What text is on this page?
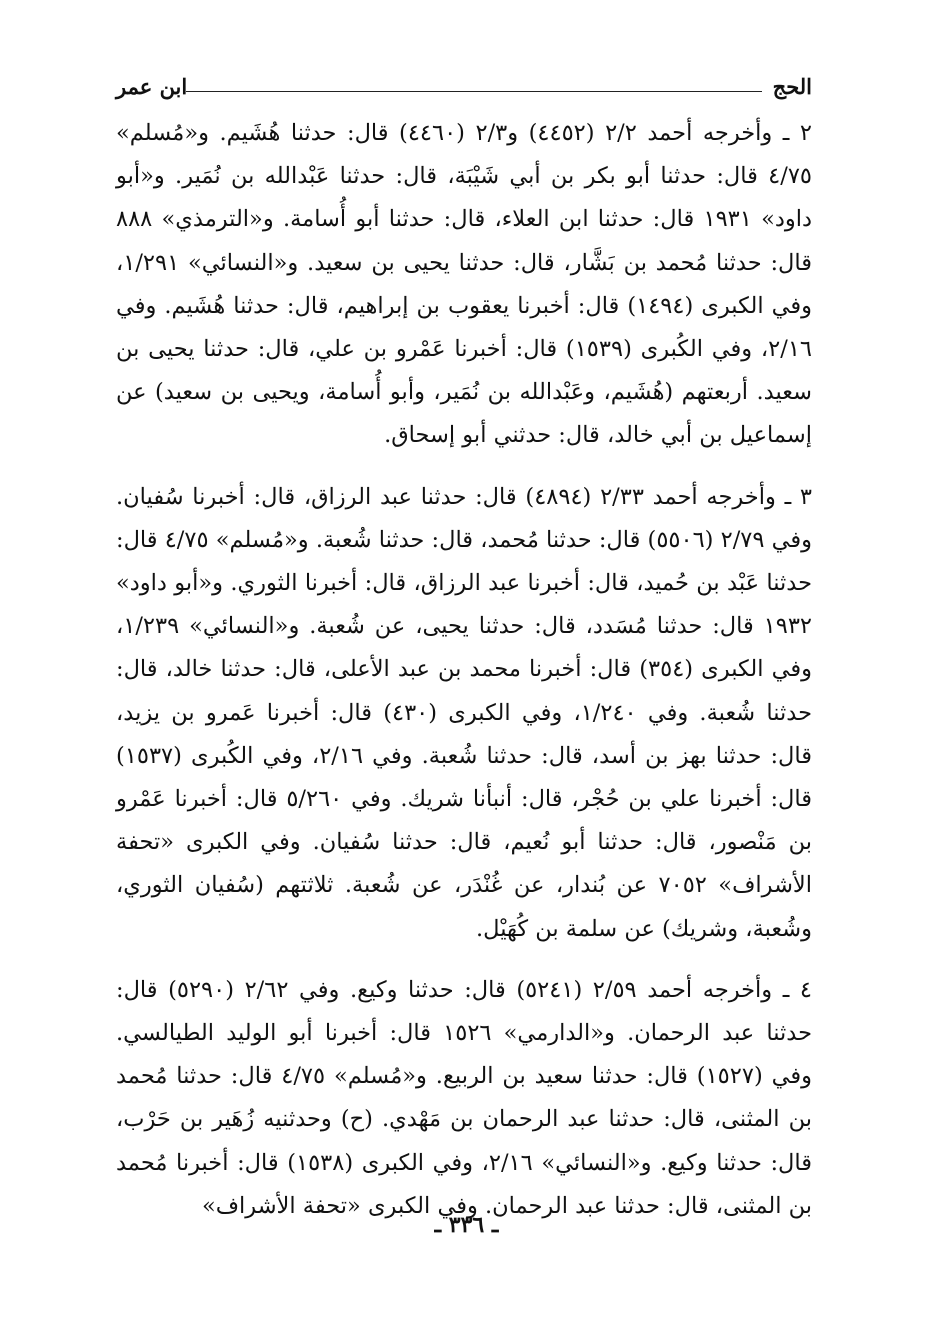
الحج
ابن عمر

٢ ـ وأخرجه أحمد ٢/٢ (٤٤٥٢) و٢/٣ (٤٤٦٠) قال: حدثنا هُشَيم. و«مُسلم» ٤/٧٥ قال: حدثنا أبو بكر بن أبي شَيْبَة، قال: حدثنا عَبْدالله بن نُمَير. و«أبو داود» ١٩٣١ قال: حدثنا ابن العلاء، قال: حدثنا أبو أُسامة. و«الترمذي» ٨٨٨ قال: حدثنا مُحمد بن بَشَّار، قال: حدثنا يحيى بن سعيد. و«النسائي» ١/٢٩١، وفي الكبرى (١٤٩٤) قال: أخبرنا يعقوب بن إبراهيم، قال: حدثنا هُشَيم. وفي ٢/١٦، وفي الكُبرى (١٥٣٩) قال: أخبرنا عَمْرو بن علي، قال: حدثنا يحيى بن سعيد. أربعتهم (هُشَيم، وعَبْدالله بن نُمَير، وأبو أُسامة، ويحيى بن سعيد) عن إسماعيل بن أبي خالد، قال: حدثني أبو إسحاق.

٣ ـ وأخرجه أحمد ٢/٣٣ (٤٨٩٤) قال: حدثنا عبد الرزاق، قال: أخبرنا سُفيان. وفي ٢/٧٩ (٥٥٠٦) قال: حدثنا مُحمد، قال: حدثنا شُعبة. و«مُسلم» ٤/٧٥ قال: حدثنا عَبْد بن حُميد، قال: أخبرنا عبد الرزاق، قال: أخبرنا الثوري. و«أبو داود» ١٩٣٢ قال: حدثنا مُسَدد، قال: حدثنا يحيى، عن شُعبة. و«النسائي» ١/٢٣٩، وفي الكبرى (٣٥٤) قال: أخبرنا محمد بن عبد الأعلى، قال: حدثنا خالد، قال: حدثنا شُعبة. وفي ١/٢٤٠، وفي الكبرى (٤٣٠) قال: أخبرنا عَمرو بن يزيد، قال: حدثنا بهز بن أسد، قال: حدثنا شُعبة. وفي ٢/١٦، وفي الكُبرى (١٥٣٧) قال: أخبرنا علي بن حُجْر، قال: أنبأنا شريك. وفي ٥/٢٦٠ قال: أخبرنا عَمْرو بن مَنْصور، قال: حدثنا أبو نُعيم، قال: حدثنا سُفيان. وفي الكبرى «تحفة الأشراف» ٧٠٥٢ عن بُندار، عن غُنْدَر، عن شُعبة. ثلاثتهم (سُفيان الثوري، وشُعبة، وشريك) عن سلمة بن كُهَيْل.

٤ ـ وأخرجه أحمد ٢/٥٩ (٥٢٤١) قال: حدثنا وكيع. وفي ٢/٦٢ (٥٢٩٠) قال: حدثنا عبد الرحمان. و«الدارمي» ١٥٢٦ قال: أخبرنا أبو الوليد الطيالسي. وفي (١٥٢٧) قال: حدثنا سعيد بن الربيع. و«مُسلم» ٤/٧٥ قال: حدثنا مُحمد بن المثنى، قال: حدثنا عبد الرحمان بن مَهْدي. (ح) وحدثنيه زُهَير بن حَرْب، قال: حدثنا وكيع. و«النسائي» ٢/١٦، وفي الكبرى (١٥٣٨) قال: أخبرنا مُحمد بن المثنى، قال: حدثنا عبد الرحمان. وفي الكبرى «تحفة الأشراف»

ـ ٣٣٦ ـ
